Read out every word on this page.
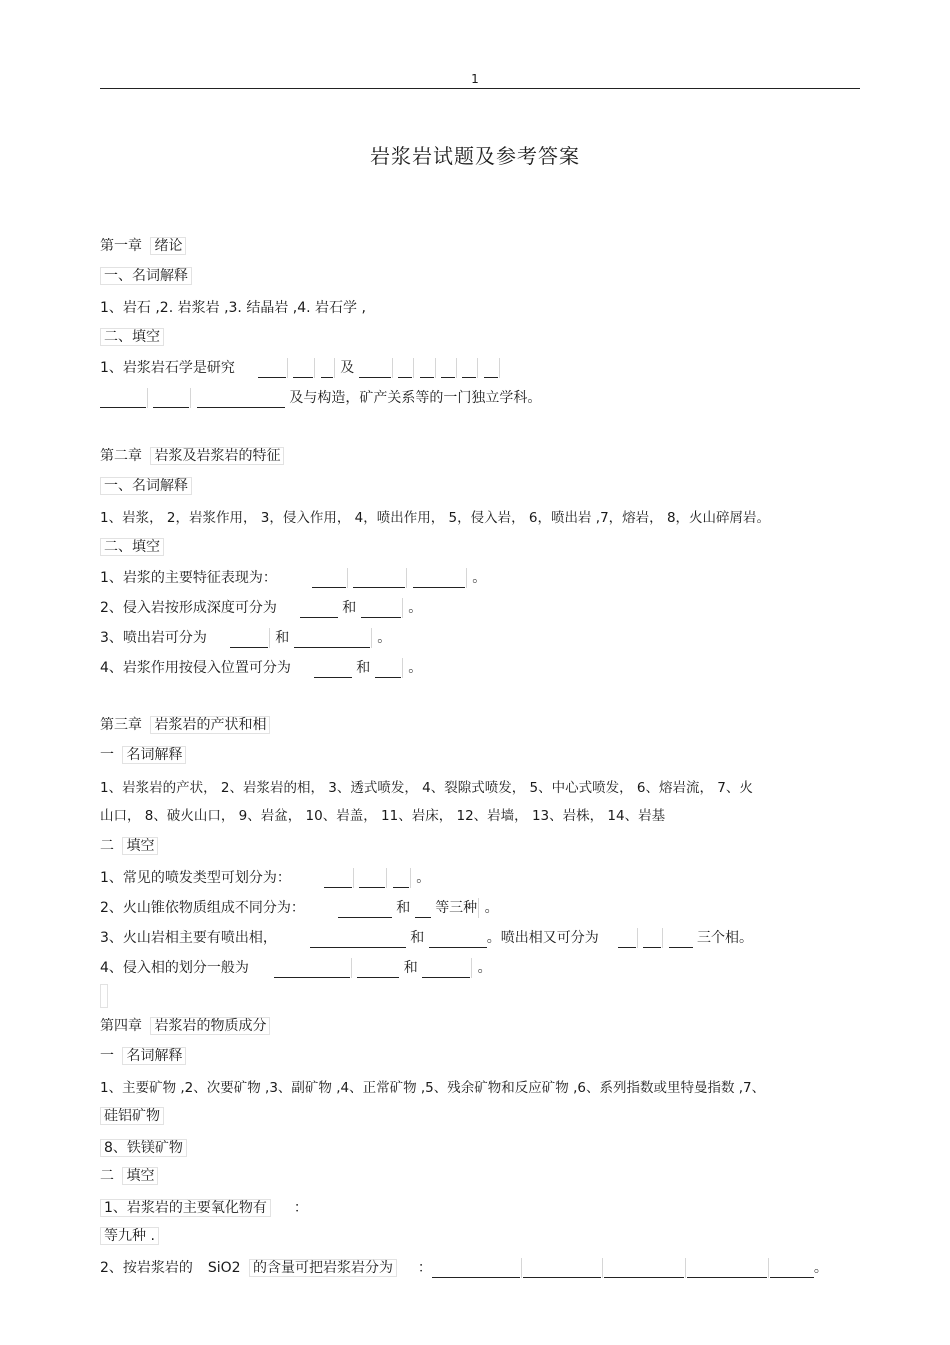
1
岩浆岩试题及参考答案
第一章 绪论
一、名词解释
1、岩石 ,2. 岩浆岩 ,3. 结晶岩 ,4. 岩石学 ,
二、填空
1、岩浆岩石学是研究	及
及与构造，矿产关系等的一门独立学科。
第二章 岩浆及岩浆岩的特征
一、名词解释
1、岩浆， 2，岩浆作用， 3，侵入作用， 4，喷出作用， 5，侵入岩， 6，喷出岩 ,7，熔岩， 8，火山碎屑岩。
二、填空
1、岩浆的主要特征表现为：	。
2、侵入岩按形成深度可分为	和	。
3、喷出岩可分为	和	。
4、岩浆作用按侵入位置可分为	和	。
第三章 岩浆岩的产状和相
一 名词解释
1、岩浆岩的产状， 2、岩浆岩的相， 3、透式喷发， 4、裂隙式喷发， 5、中心式喷发， 6、熔岩流， 7、火
山口， 8、破火山口， 9、岩盆， 10、岩盖， 11、岩床， 12、岩墙， 13、岩株， 14、岩基
二 填空
1、常见的喷发类型可划分为：	。
2、火山锥依物质组成不同分为：	和 等三种 。
3、火山岩相主要有喷出相，	和	。喷出相又可分为	三个相。
4、侵入相的划分一般为	和	。
第四章 岩浆岩的物质成分
一 名词解释
1、主要矿物 ,2、次要矿物 ,3、副矿物 ,4、正常矿物 ,5、残余矿物和反应矿物 ,6、系列指数或里特曼指数 ,7、
硅铝矿物
8、铁镁矿物
二 填空
1、岩浆岩的主要氧化物有 ：
等九种 .
2、按岩浆岩的 SiO2 的含量可把岩浆岩分为 ：	。
